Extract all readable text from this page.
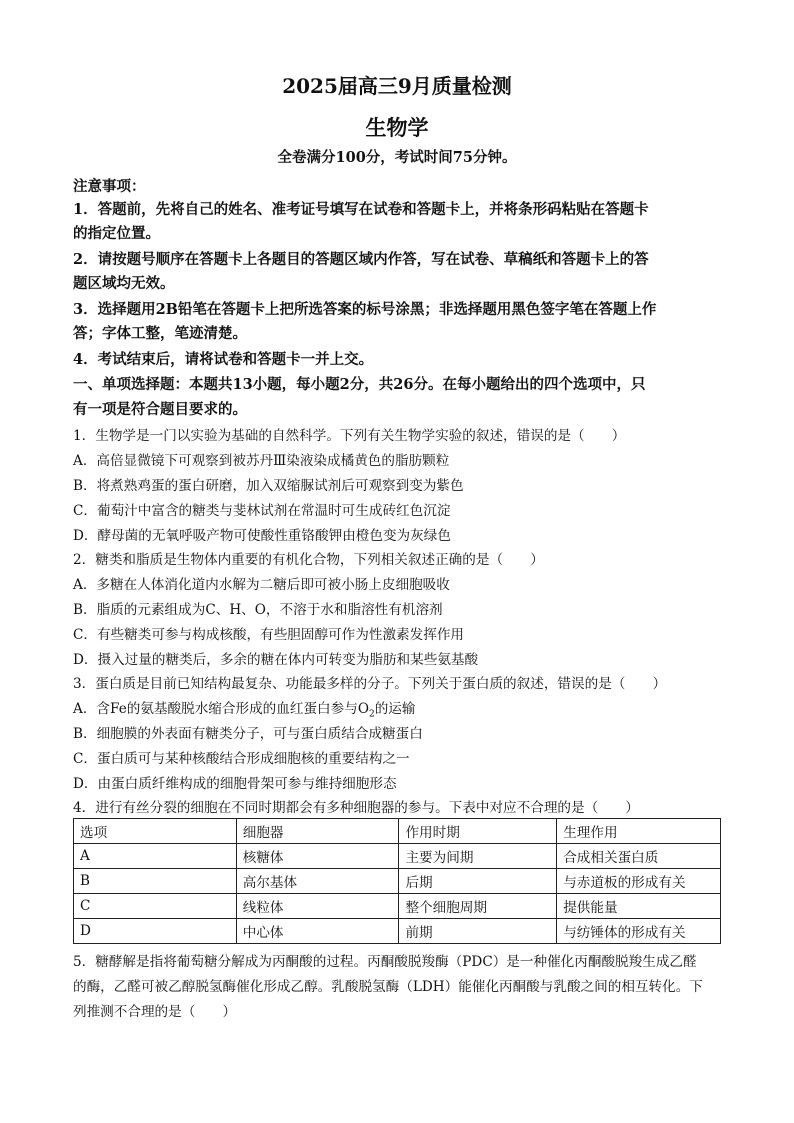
2025届高三9月质量检测
生物学
全卷满分100分，考试时间75分钟。
注意事项：
1．答题前，先将自己的姓名、准考证号填写在试卷和答题卡上，并将条形码粘贴在答题卡
的指定位置。
2．请按题号顺序在答题卡上各题目的答题区域内作答，写在试卷、草稿纸和答题卡上的答
题区域均无效。
3．选择题用2B铅笔在答题卡上把所选答案的标号涂黑；非选择题用黑色签字笔在答题上作
答；字体工整，笔迹清楚。
4．考试结束后，请将试卷和答题卡一并上交。
一、单项选择题：本题共13小题，每小题2分，共26分。在每小题给出的四个选项中，只
有一项是符合题目要求的。
1．生物学是一门以实验为基础的自然科学。下列有关生物学实验的叙述，错误的是（　　）
A．高倍显微镜下可观察到被苏丹Ⅲ染液染成橘黄色的脂肪颗粒
B．将煮熟鸡蛋的蛋白研磨，加入双缩脲试剂后可观察到变为紫色
C．葡萄汁中富含的糖类与斐林试剂在常温时可生成砖红色沉淀
D．酵母菌的无氧呼吸产物可使酸性重铬酸钾由橙色变为灰绿色
2．糖类和脂质是生物体内重要的有机化合物，下列相关叙述正确的是（　　）
A．多糖在人体消化道内水解为二糖后即可被小肠上皮细胞吸收
B．脂质的元素组成为C、H、O，不溶于水和脂溶性有机溶剂
C．有些糖类可参与构成核酸，有些胆固醇可作为性激素发挥作用
D．摄入过量的糖类后，多余的糖在体内可转变为脂肪和某些氨基酸
3．蛋白质是目前已知结构最复杂、功能最多样的分子。下列关于蛋白质的叙述，错误的是（　　）
A．含Fe的氨基酸脱水缩合形成的血红蛋白参与$O_2$的运输
B．细胞膜的外表面有糖类分子，可与蛋白质结合成糖蛋白
C．蛋白质可与某种核酸结合形成细胞核的重要结构之一
D．由蛋白质纤维构成的细胞骨架可参与维持细胞形态
4．进行有丝分裂的细胞在不同时期都会有多种细胞器的参与。下表中对应不合理的是（　　）
选项	细胞器	作用时期	生理作用
A	核糖体	主要为间期	合成相关蛋白质
B	高尔基体	后期	与赤道板的形成有关
C	线粒体	整个细胞周期	提供能量
D	中心体	前期	与纺锤体的形成有关
5．糖酵解是指将葡萄糖分解成为丙酮酸的过程。丙酮酸脱羧酶（PDC）是一种催化丙酮酸脱羧生成乙醛
的酶，乙醛可被乙醇脱氢酶催化形成乙醇。乳酸脱氢酶（LDH）能催化丙酮酸与乳酸之间的相互转化。下
列推测不合理的是（　　）
